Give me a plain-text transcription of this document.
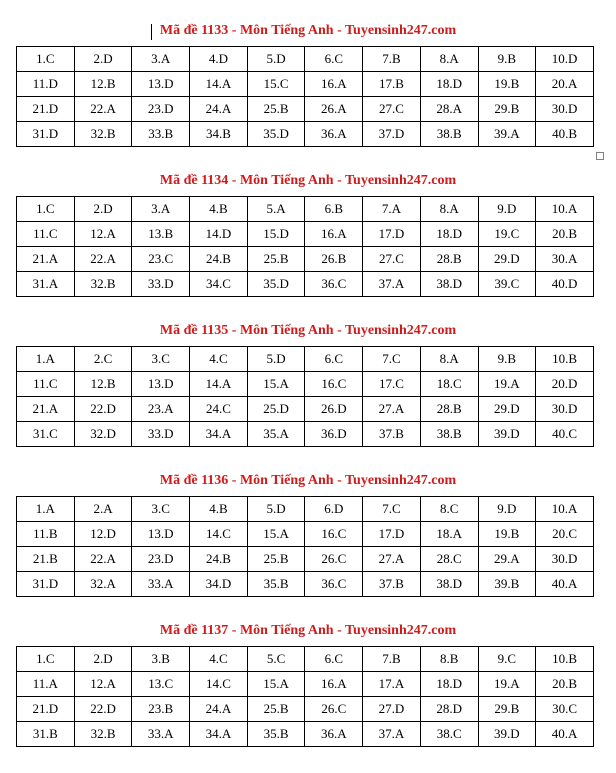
Mã đề 1133 - Môn Tiếng Anh - Tuyensinh247.com
1.C	2.D	3.A	4.D	5.D	6.C	7.B	8.A	9.B	10.D
11.D	12.B	13.D	14.A	15.C	16.A	17.B	18.D	19.B	20.A
21.D	22.A	23.D	24.A	25.B	26.A	27.C	28.A	29.B	30.D
31.D	32.B	33.B	34.B	35.D	36.A	37.D	38.B	39.A	40.B
Mã đề 1134 - Môn Tiếng Anh - Tuyensinh247.com
1.C	2.D	3.A	4.B	5.A	6.B	7.A	8.A	9.D	10.A
11.C	12.A	13.B	14.D	15.D	16.A	17.D	18.D	19.C	20.B
21.A	22.A	23.C	24.B	25.B	26.B	27.C	28.B	29.D	30.A
31.A	32.B	33.D	34.C	35.D	36.C	37.A	38.D	39.C	40.D
Mã đề 1135 - Môn Tiếng Anh - Tuyensinh247.com
1.A	2.C	3.C	4.C	5.D	6.C	7.C	8.A	9.B	10.B
11.C	12.B	13.D	14.A	15.A	16.C	17.C	18.C	19.A	20.D
21.A	22.D	23.A	24.C	25.D	26.D	27.A	28.B	29.D	30.D
31.C	32.D	33.D	34.A	35.A	36.D	37.B	38.B	39.D	40.C
Mã đề 1136 - Môn Tiếng Anh - Tuyensinh247.com
1.A	2.A	3.C	4.B	5.D	6.D	7.C	8.C	9.D	10.A
11.B	12.D	13.D	14.C	15.A	16.C	17.D	18.A	19.B	20.C
21.B	22.A	23.D	24.B	25.B	26.C	27.A	28.C	29.A	30.D
31.D	32.A	33.A	34.D	35.B	36.C	37.B	38.D	39.B	40.A
Mã đề 1137 - Môn Tiếng Anh - Tuyensinh247.com
1.C	2.D	3.B	4.C	5.C	6.C	7.B	8.B	9.C	10.B
11.A	12.A	13.C	14.C	15.A	16.A	17.A	18.D	19.A	20.B
21.D	22.D	23.B	24.A	25.B	26.C	27.D	28.D	29.B	30.C
31.B	32.B	33.A	34.A	35.B	36.A	37.A	38.C	39.D	40.A
